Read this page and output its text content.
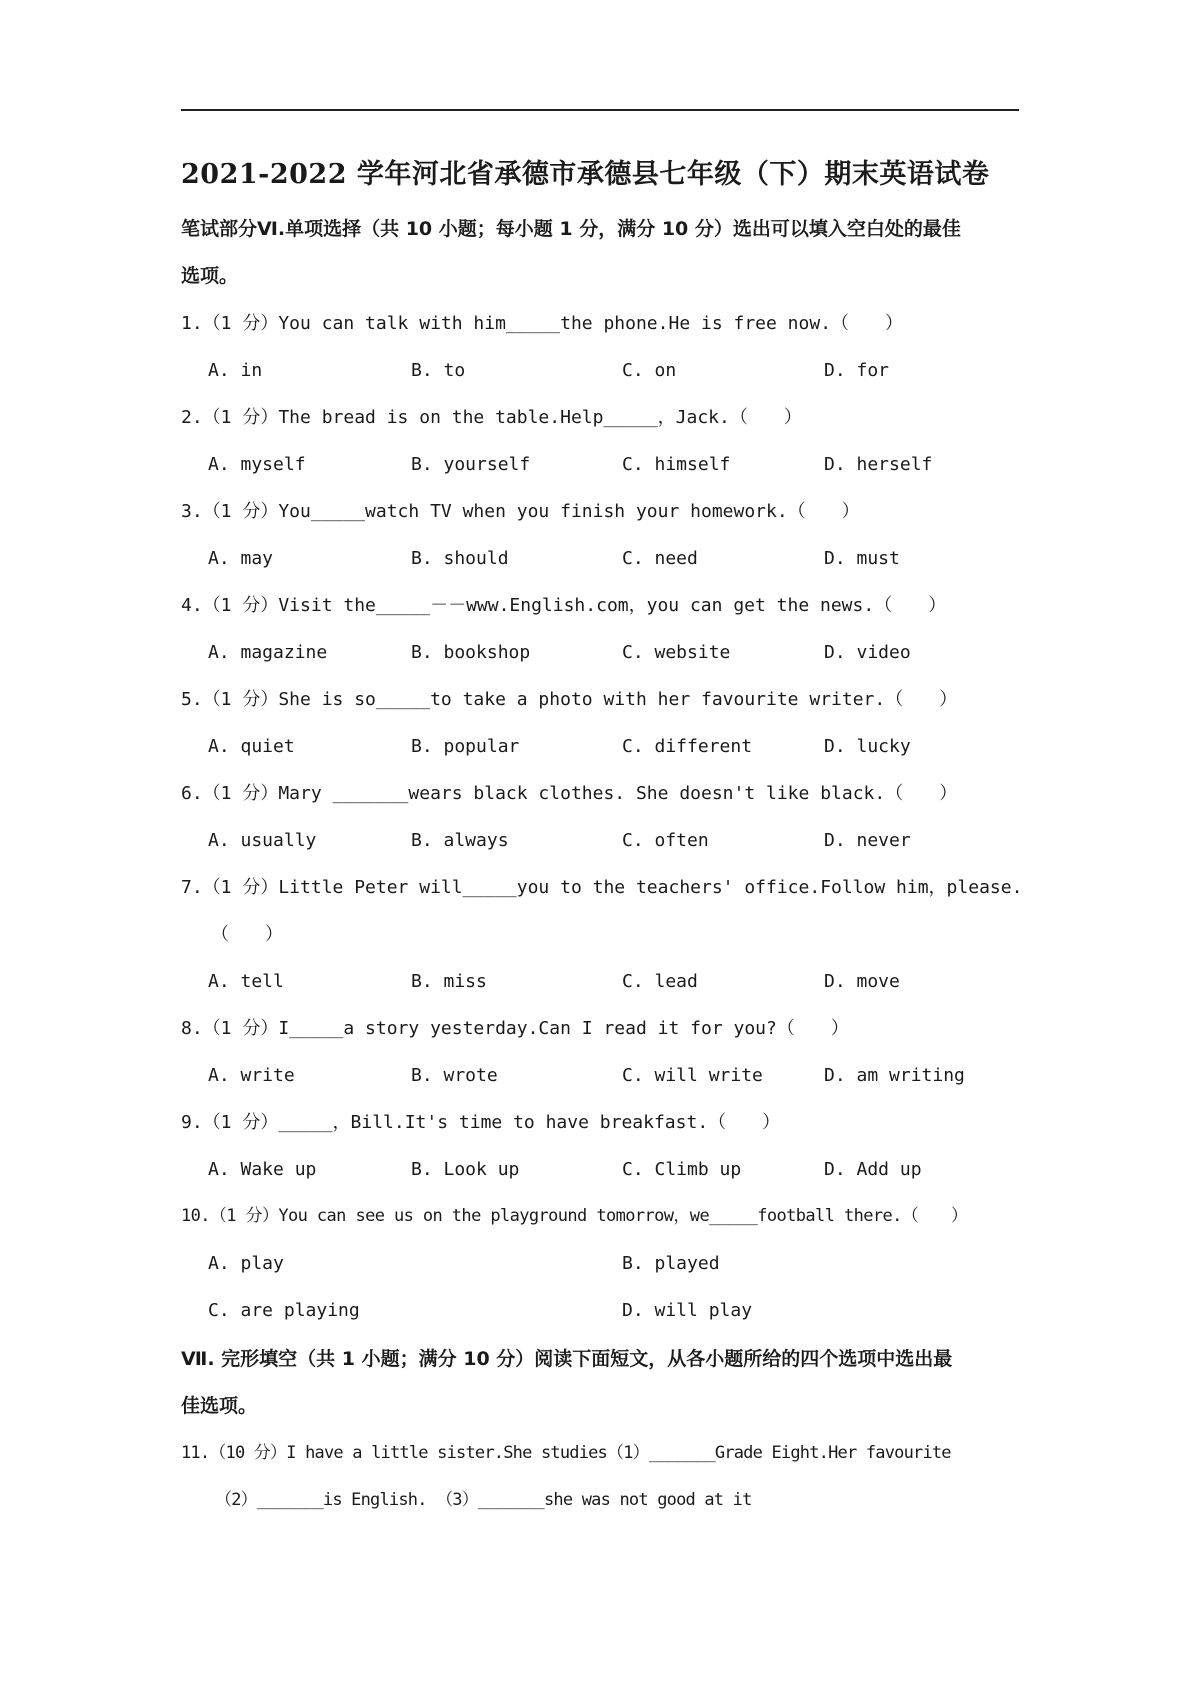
2021-2022 学年河北省承德市承德县七年级（下）期末英语试卷
笔试部分Ⅵ.单项选择（共 10 小题；每小题 1 分，满分 10 分）选出可以填入空白处的最佳
选项。
1.（1 分）You can talk with him_____the phone.He is free now.（　　）
A. in	B. to	C. on	D. for
2.（1 分）The bread is on the table.Help_____，Jack.（　　）
A. myself	B. yourself	C. himself	D. herself
3.（1 分）You_____watch TV when you finish your homework.（　　）
A. may	B. should	C. need	D. must
4.（1 分）Visit the_____－－www.English.com，you can get the news.（　　）
A. magazine	B. bookshop	C. website	D. video
5.（1 分）She is so_____to take a photo with her favourite writer.（　　）
A. quiet	B. popular	C. different	D. lucky
6.（1 分）Mary _______wears black clothes. She doesn't like black.（　　）
A. usually	B. always	C. often	D. never
7.（1 分）Little Peter will_____you to the teachers' office.Follow him，please.
（　　）
A. tell	B. miss	C. lead	D. move
8.（1 分）I_____a story yesterday.Can I read it for you?（　　）
A. write	B. wrote	C. will write	D. am writing
9.（1 分）_____，Bill.It's time to have breakfast.（　　）
A. Wake up	B. Look up	C. Climb up	D. Add up
10.（1 分）You can see us on the playground tomorrow，we_____football there.（　　）
A. play	B. played
C. are playing	D. will play
Ⅶ. 完形填空（共 1 小题；满分 10 分）阅读下面短文，从各小题所给的四个选项中选出最
佳选项。
11.（10 分）I have a little sister.She studies（1）_______Grade Eight.Her favourite
（2）_______is English. （3）_______she was not good at it
